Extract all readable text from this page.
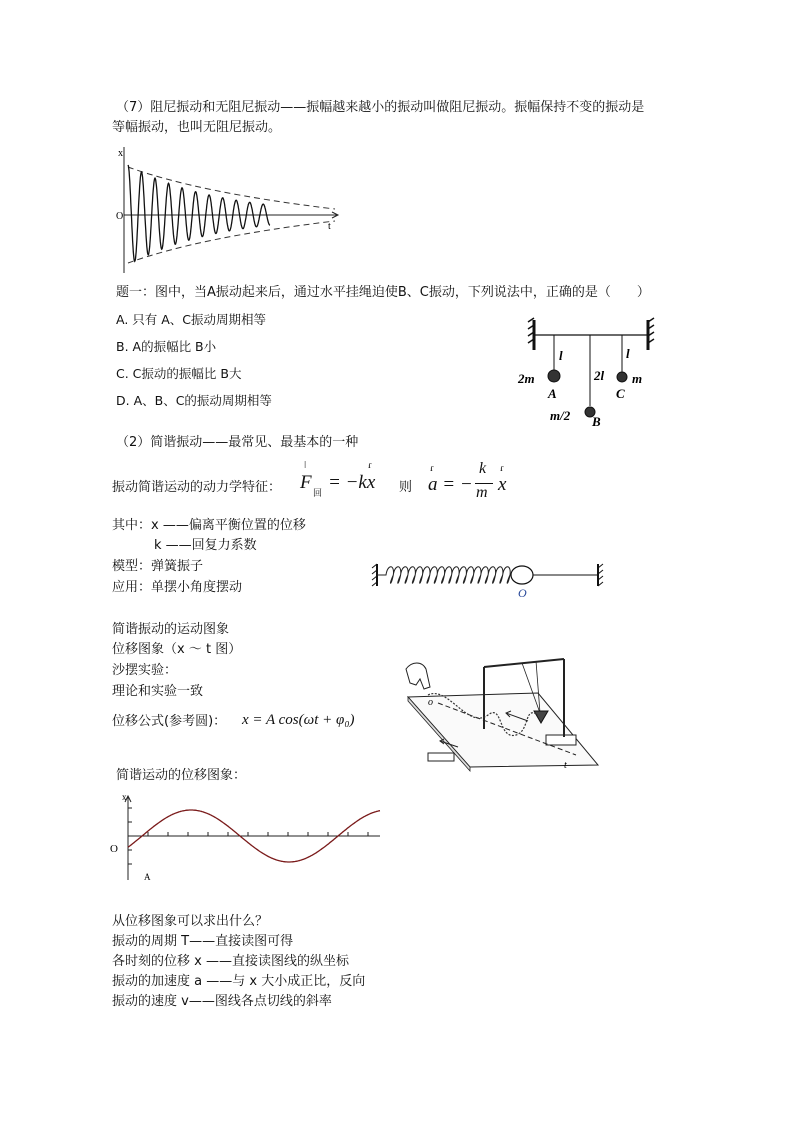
（7）阻尼振动和无阻尼振动——振幅越来越小的振动叫做阻尼振动。振幅保持不变的振动是
等幅振动，也叫无阻尼振动。
x
t
O
题一：图中，当A振动起来后，通过水平挂绳迫使B、C振动，下列说法中，正确的是（　　）
A. 只有 A、C振动周期相等
B. A的振幅比 B小
C. C振动的振幅比 B大
D. A、B、C的振动周期相等
l
2l
l
2m	m
A	C
m/2 B
（2）简谐振动——最常见、最基本的一种
振动简谐运动的动力学特征：
ǀ
F 回 = −kx
ɾ
则
ɾ
a = −
k
m
ɾ
x
其中：x ——偏离平衡位置的位移
k ——回复力系数
模型：弹簧振子
应用：单摆小角度摆动	O
简谐振动的运动图象
位移图象（x ～ t 图）
沙摆实验：
理论和实验一致
位移公式(参考圆)： x = A cos(ωt + φ₀)
o
t
简谐运动的位移图象：
x
O
A
从位移图象可以求出什么？
振动的周期 T——直接读图可得
各时刻的位移 x ——直接读图线的纵坐标
振动的加速度 a ——与 x 大小成正比，反向
振动的速度 v——图线各点切线的斜率
